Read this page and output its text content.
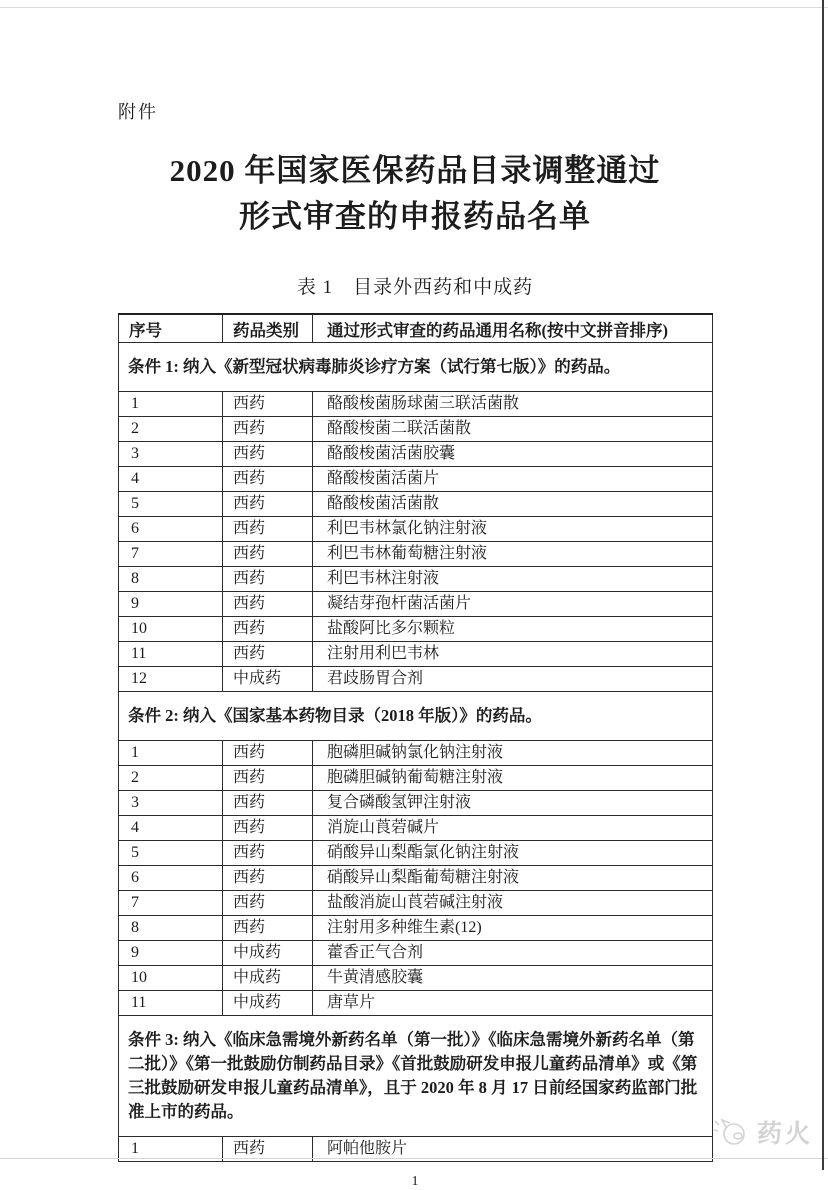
附件
2020 年国家医保药品目录调整通过
形式审查的申报药品名单
表 1　目录外西药和中成药
序号	药品类别	通过形式审查的药品通用名称(按中文拼音排序)
条件 1: 纳入《新型冠状病毒肺炎诊疗方案（试行第七版）》的药品。		
1	西药	酪酸梭菌肠球菌三联活菌散
2	西药	酪酸梭菌二联活菌散
3	西药	酪酸梭菌活菌胶囊
4	西药	酪酸梭菌活菌片
5	西药	酪酸梭菌活菌散
6	西药	利巴韦林氯化钠注射液
7	西药	利巴韦林葡萄糖注射液
8	西药	利巴韦林注射液
9	西药	凝结芽孢杆菌活菌片
10	西药	盐酸阿比多尔颗粒
11	西药	注射用利巴韦林
12	中成药	君歧肠胃合剂
条件 2: 纳入《国家基本药物目录（2018 年版）》的药品。		
1	西药	胞磷胆碱钠氯化钠注射液
2	西药	胞磷胆碱钠葡萄糖注射液
3	西药	复合磷酸氢钾注射液
4	西药	消旋山莨菪碱片
5	西药	硝酸异山梨酯氯化钠注射液
6	西药	硝酸异山梨酯葡萄糖注射液
7	西药	盐酸消旋山莨菪碱注射液
8	西药	注射用多种维生素(12)
9	中成药	藿香正气合剂
10	中成药	牛黄清感胶囊
11	中成药	唐草片
条件 3: 纳入《临床急需境外新药名单（第一批）》《临床急需境外新药名单（第二批）》《第一批鼓励仿制药品目录》《首批鼓励研发申报儿童药品清单》或《第三批鼓励研发申报儿童药品清单》，且于 2020 年 8 月 17 日前经国家药监部门批准上市的药品。		
1	西药	阿帕他胺片
1
药火
